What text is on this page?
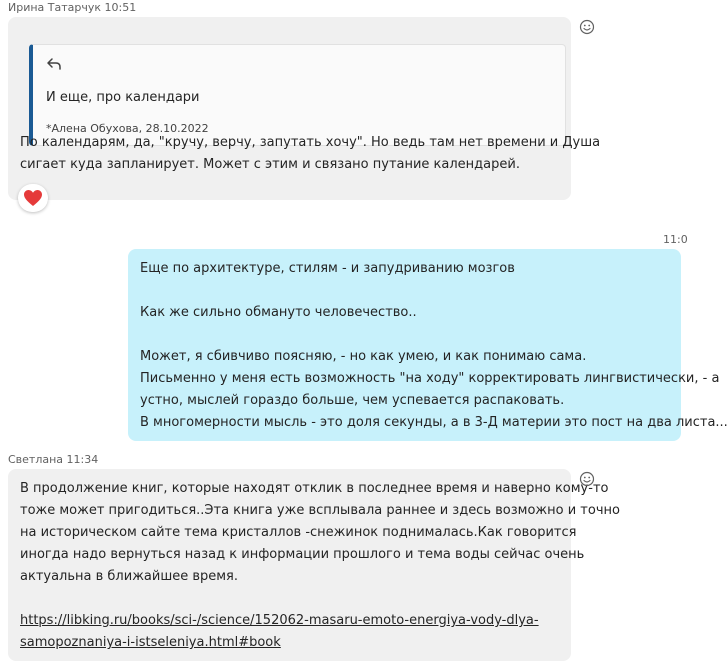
Ирина Татарчук 10:51
И еще, про календари
*Алена Обухова, 28.10.2022
По календарям, да, "кручу, верчу, запутать хочу". Но ведь там нет времени и Душа
сигает куда запланирует. Может с этим и связано путание календарей.
11:0
Еще по архитектуре, стилям - и запудриванию мозгов
Как же сильно обмануто человечество..
Может, я сбивчиво поясняю, - но как умею, и как понимаю сама.
Письменно у меня есть возможность "на ходу" корректировать лингвистически, - а
устно, мыслей гораздо больше, чем успевается распаковать.
В многомерности мысль - это доля секунды, а в 3-Д материи это пост на два листа...
Светлана 11:34
В продолжение книг, которые находят отклик в последнее время и наверно кому-то
тоже может пригодиться..Эта книга уже всплывала раннее и здесь возможно и точно
на историческом сайте тема кристаллов -снежинок поднималась.Как говорится
иногда надо вернуться назад к информации прошлого и тема воды сейчас очень
актуальна в ближайшее время.
https://libking.ru/books/sci-/science/152062-masaru-emoto-energiya-vody-dlya-
samopoznaniya-i-istseleniya.html#book
